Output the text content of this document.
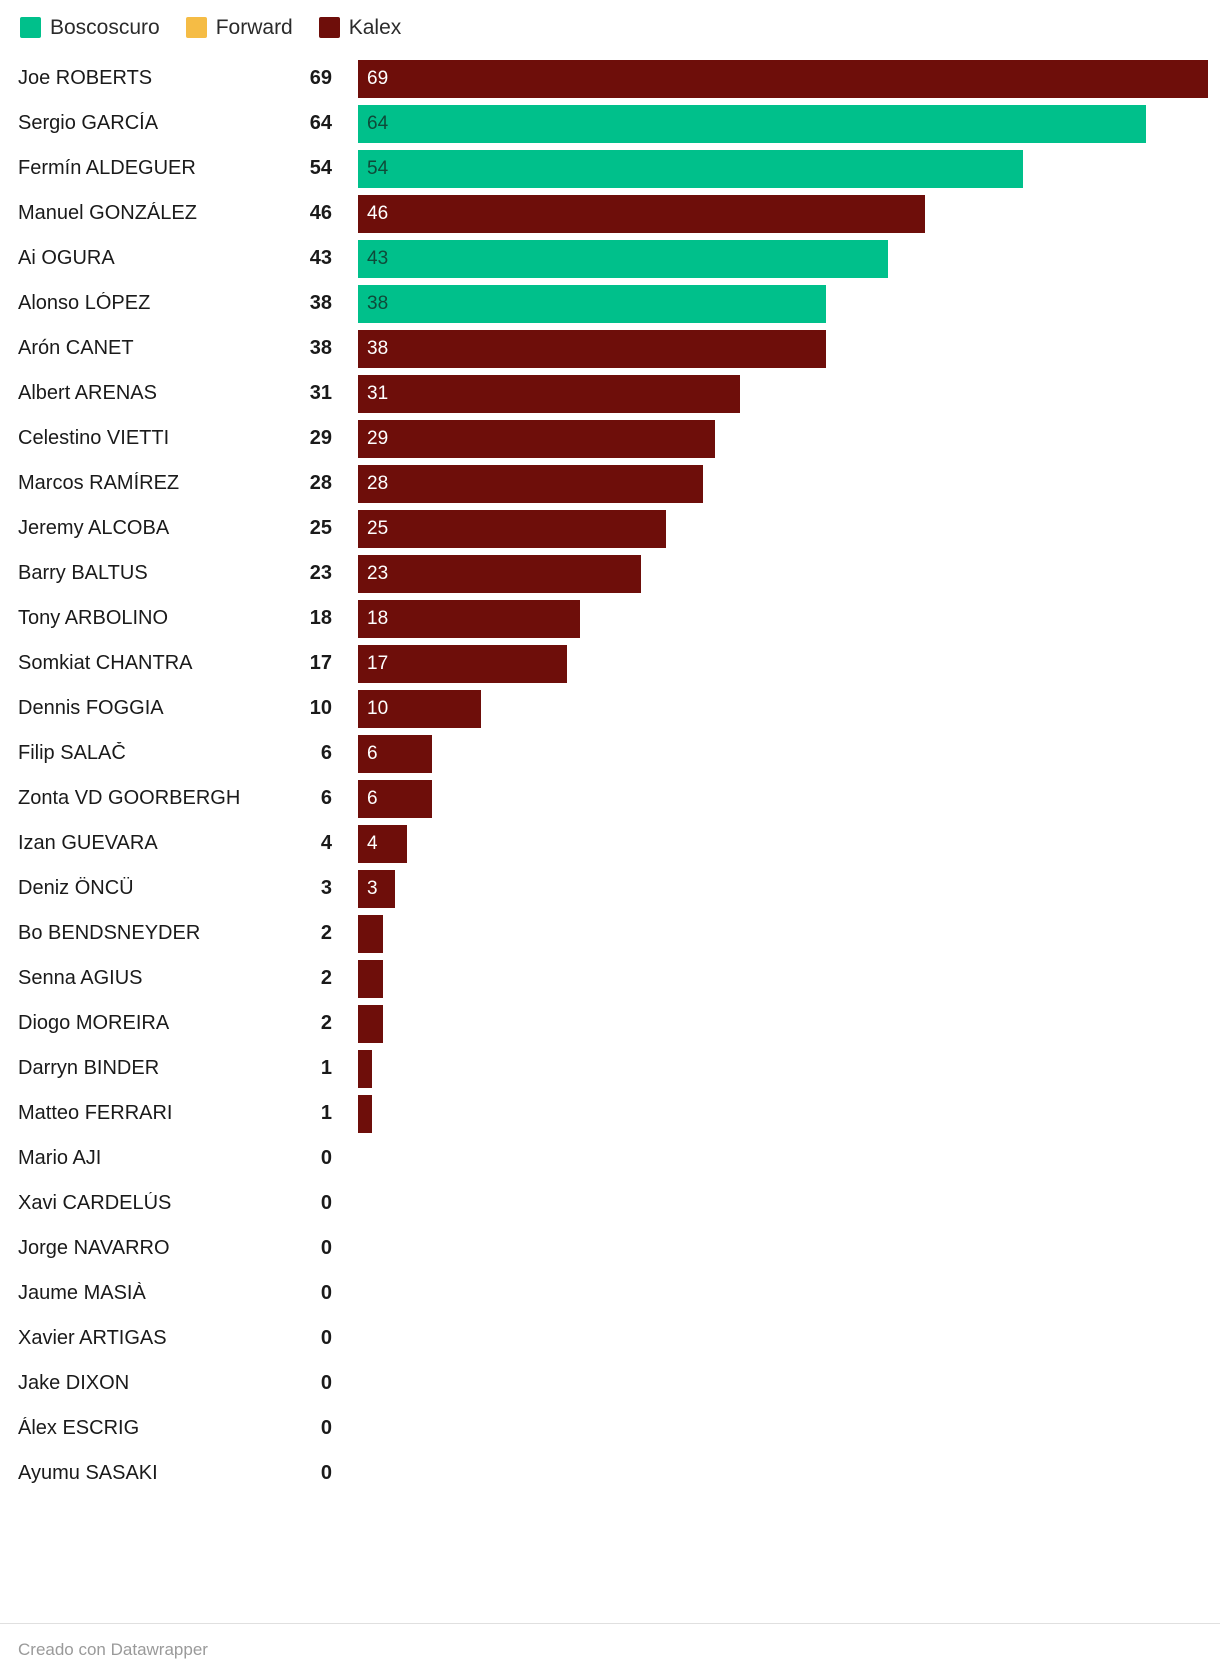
Boscoscuro	Forward	Kalex
Joe ROBERTS	69 69
Sergio GARCÍA	64 64
Fermín ALDEGUER	54 54
Manuel GONZÁLEZ	46 46
Ai OGURA	43 43
Alonso LÓPEZ	38 38
Arón CANET	38 38
Albert ARENAS	31 31
Celestino VIETTI	29 29
Marcos RAMÍREZ	28 28
Jeremy ALCOBA	25 25
Barry BALTUS	23 23
Tony ARBOLINO	18 18
Somkiat CHANTRA	17 17
Dennis FOGGIA	10 10
Filip SALAČ	6 6
Zonta VD GOORBERGH	6 6
Izan GUEVARA	4 4
Deniz ÖNCÜ	3 3
Bo BENDSNEYDER	2
Senna AGIUS	2
Diogo MOREIRA	2
Darryn BINDER	1
Matteo FERRARI	1
Mario AJI	0
Xavi CARDELÚS	0
Jorge NAVARRO	0
Jaume MASIÀ	0
Xavier ARTIGAS	0
Jake DIXON	0
Álex ESCRIG	0
Ayumu SASAKI	0
Creado con Datawrapper
